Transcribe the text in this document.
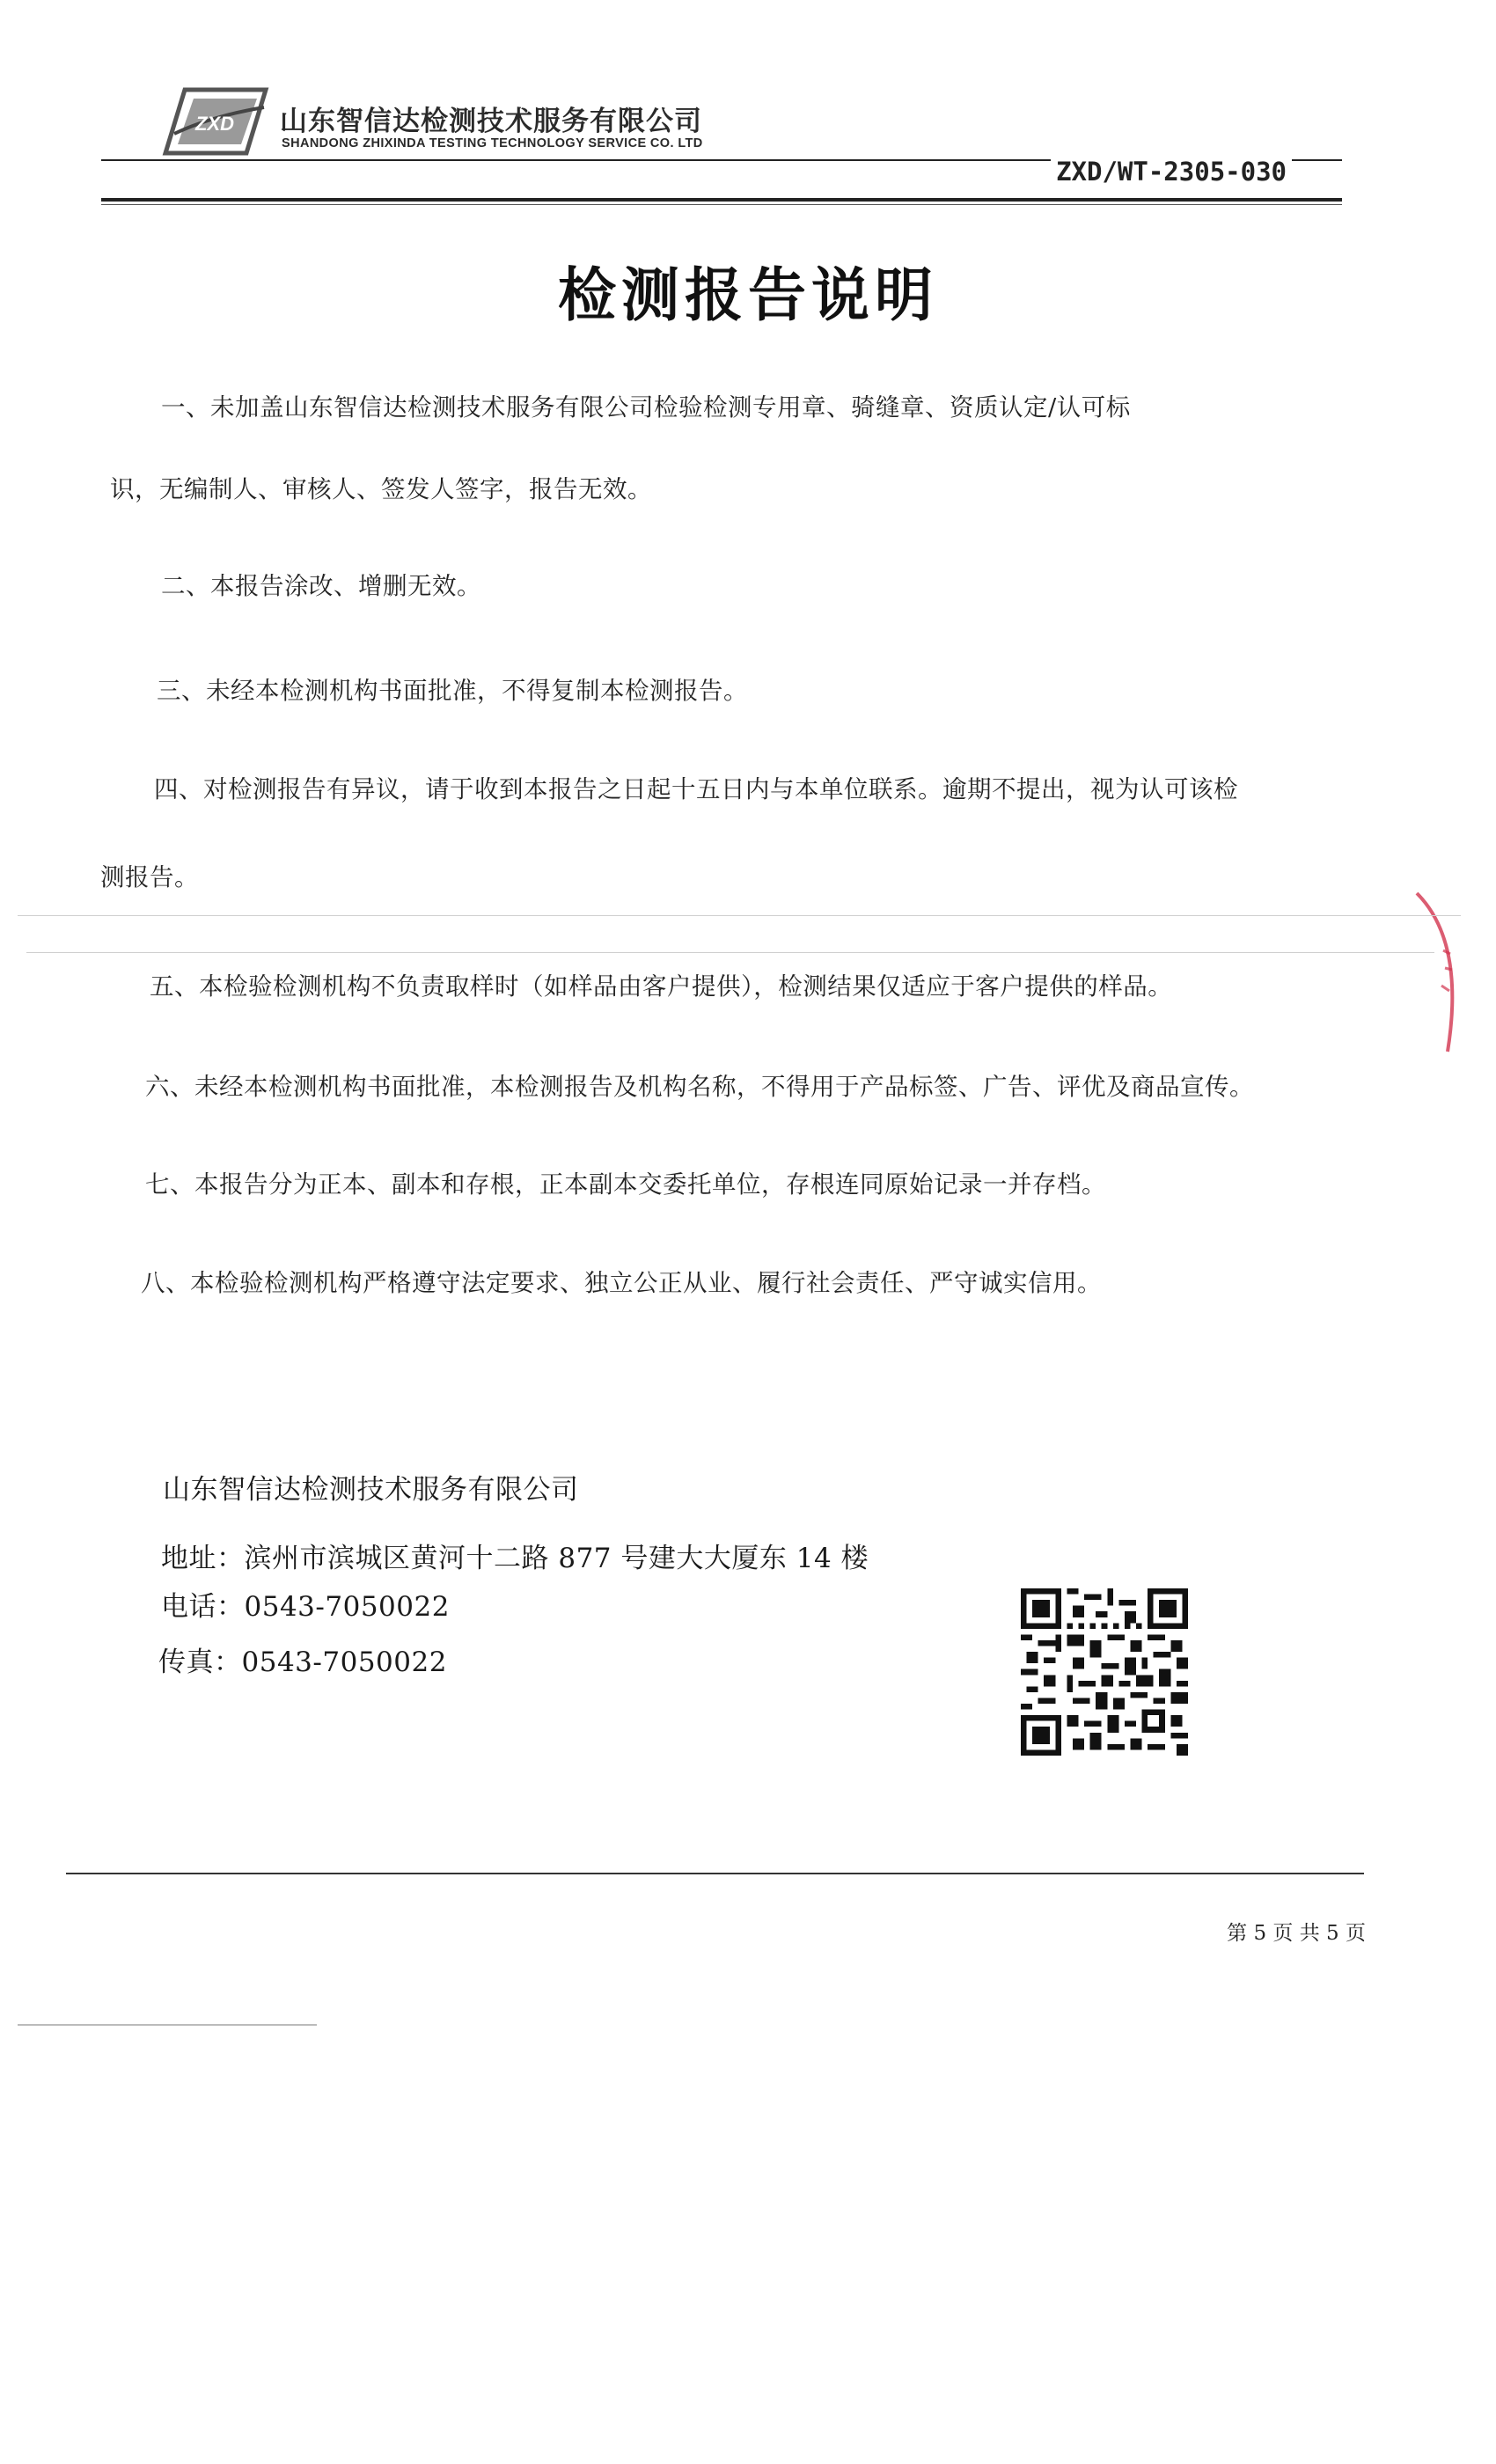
ZXD 山东智信达检测技术服务有限公司
SHANDONG ZHIXINDA TESTING TECHNOLOGY SERVICE CO. LTD
ZXD/WT-2305-030
检测报告说明
一、未加盖山东智信达检测技术服务有限公司检验检测专用章、骑缝章、资质认定/认可标
识，无编制人、审核人、签发人签字，报告无效。
二、本报告涂改、增删无效。
三、未经本检测机构书面批准，不得复制本检测报告。
四、对检测报告有异议，请于收到本报告之日起十五日内与本单位联系。逾期不提出，视为认可该检
测报告。
五、本检验检测机构不负责取样时（如样品由客户提供），检测结果仅适应于客户提供的样品。
六、未经本检测机构书面批准，本检测报告及机构名称，不得用于产品标签、广告、评优及商品宣传。
七、本报告分为正本、副本和存根，正本副本交委托单位，存根连同原始记录一并存档。
八、本检验检测机构严格遵守法定要求、独立公正从业、履行社会责任、严守诚实信用。
山东智信达检测技术服务有限公司
地址：滨州市滨城区黄河十二路 877 号建大大厦东 14 楼
电话：0543-7050022
传真：0543-7050022
第 5 页 共 5 页
